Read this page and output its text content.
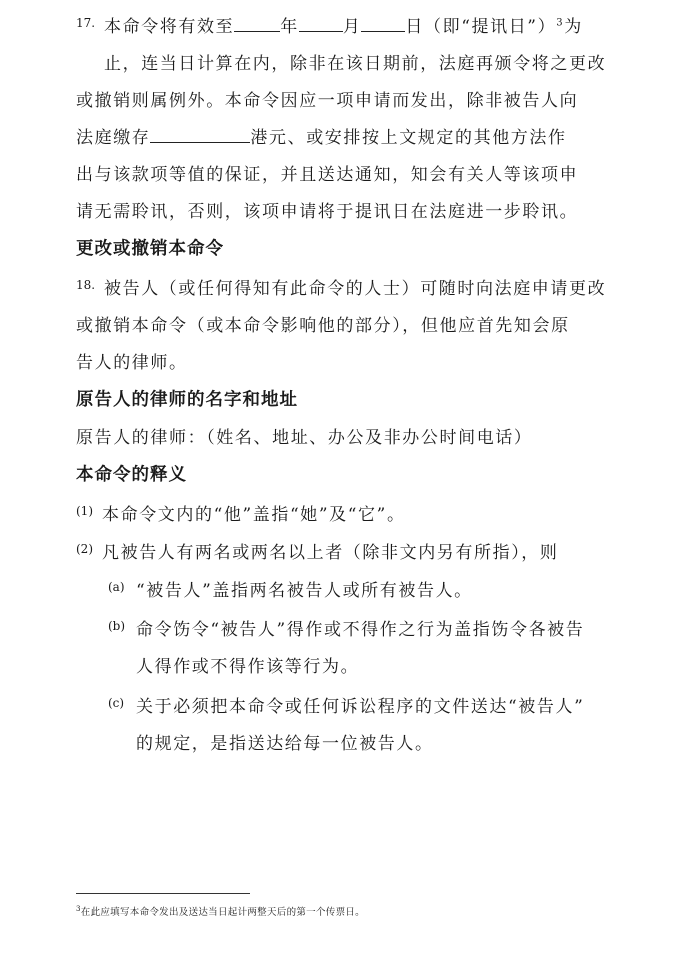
17. 本命令将有效至	年	月	日（即“提讯日”）$^3$为
止，连当日计算在内，除非在该日期前，法庭再颁令将之更改
或撤销则属例外。本命令因应一项申请而发出，除非被告人向
法庭缴存	港元、或安排按上文规定的其他方法作
出与该款项等值的保证，并且送达通知，知会有关人等该项申
请无需聆讯，否则，该项申请将于提讯日在法庭进一步聆讯。
更改或撤销本命令
18. 被告人（或任何得知有此命令的人士）可随时向法庭申请更改
或撤销本命令（或本命令影响他的部分），但他应首先知会原
告人的律师。
原告人的律师的名字和地址
原告人的律师：（姓名、地址、办公及非办公时间电话）
本命令的释义
(1) 本命令文内的“他”盖指“她”及“它”。
(2) 凡被告人有两名或两名以上者（除非文内另有所指），则
(a) “被告人”盖指两名被告人或所有被告人。
(b) 命令饬令“被告人”得作或不得作之行为盖指饬令各被告
人得作或不得作该等行为。
(c) 关于必须把本命令或任何诉讼程序的文件送达“被告人”
的规定，是指送达给每一位被告人。
$^3$在此应填写本命令发出及送达当日起计两整天后的第一个传票日。
